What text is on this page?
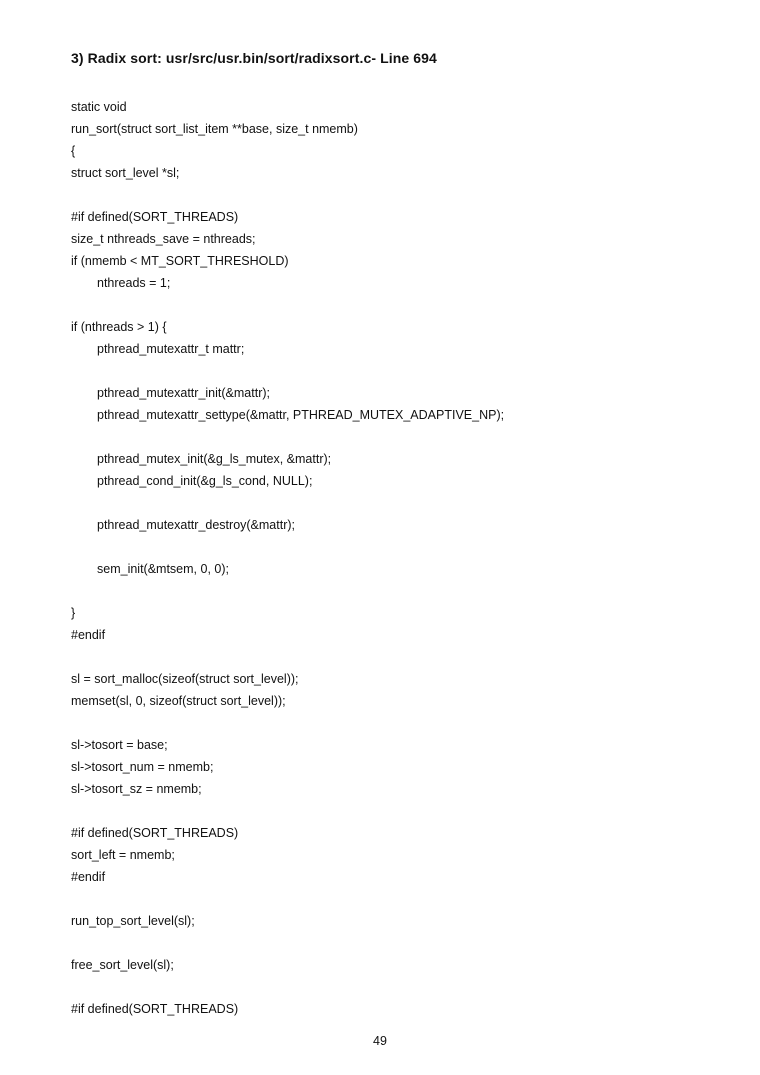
3) Radix sort: usr/src/usr.bin/sort/radixsort.c- Line 694
static void
run_sort(struct sort_list_item **base, size_t nmemb)
{
struct sort_level *sl;
#if defined(SORT_THREADS)
size_t nthreads_save = nthreads;
if (nmemb < MT_SORT_THRESHOLD)
nthreads = 1;
if (nthreads > 1) {
pthread_mutexattr_t mattr;
pthread_mutexattr_init(&mattr);
pthread_mutexattr_settype(&mattr, PTHREAD_MUTEX_ADAPTIVE_NP);
pthread_mutex_init(&g_ls_mutex, &mattr);
pthread_cond_init(&g_ls_cond, NULL);
pthread_mutexattr_destroy(&mattr);
sem_init(&mtsem, 0, 0);
}
#endif
sl = sort_malloc(sizeof(struct sort_level));
memset(sl, 0, sizeof(struct sort_level));
sl->tosort = base;
sl->tosort_num = nmemb;
sl->tosort_sz = nmemb;
#if defined(SORT_THREADS)
sort_left = nmemb;
#endif
run_top_sort_level(sl);
free_sort_level(sl);
#if defined(SORT_THREADS)
49
